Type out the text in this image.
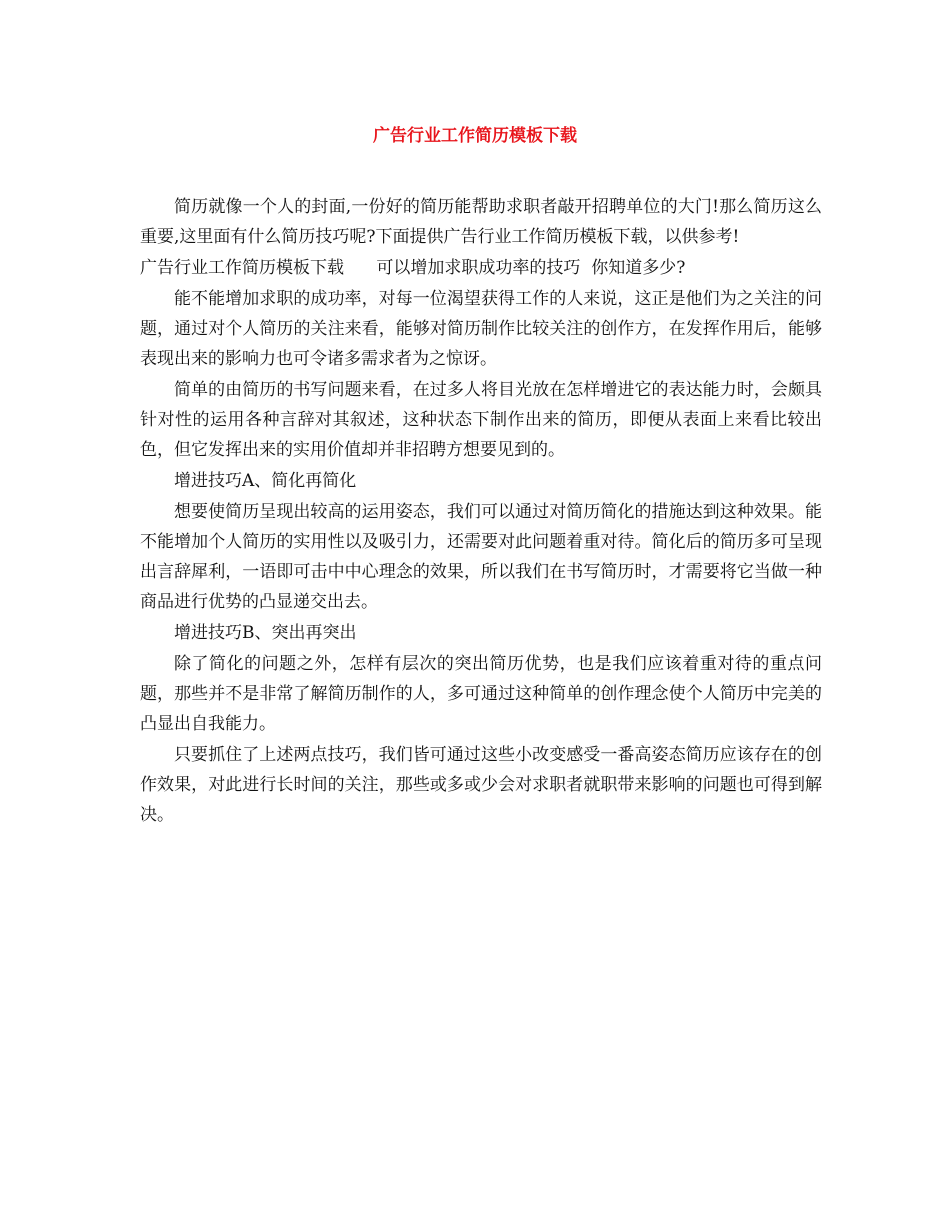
广告行业工作简历模板下载

简历就像一个人的封面,一份好的简历能帮助求职者敲开招聘单位的大门!那么简历这么重要,这里面有什么简历技巧呢?下面提供广告行业工作简历模板下载，以供参考!

广告行业工作简历模板下载      可以增加求职成功率的技巧  你知道多少?

能不能增加求职的成功率，对每一位渴望获得工作的人来说，这正是他们为之关注的问题，通过对个人简历的关注来看，能够对简历制作比较关注的创作方，在发挥作用后，能够表现出来的影响力也可令诸多需求者为之惊讶。

简单的由简历的书写问题来看，在过多人将目光放在怎样增进它的表达能力时，会颇具针对性的运用各种言辞对其叙述，这种状态下制作出来的简历，即便从表面上来看比较出色，但它发挥出来的实用价值却并非招聘方想要见到的。

增进技巧A、简化再简化

想要使简历呈现出较高的运用姿态，我们可以通过对简历简化的措施达到这种效果。能不能增加个人简历的实用性以及吸引力，还需要对此问题着重对待。简化后的简历多可呈现出言辞犀利，一语即可击中中心理念的效果，所以我们在书写简历时，才需要将它当做一种商品进行优势的凸显递交出去。

增进技巧B、突出再突出

除了简化的问题之外，怎样有层次的突出简历优势，也是我们应该着重对待的重点问题，那些并不是非常了解简历制作的人，多可通过这种简单的创作理念使个人简历中完美的凸显出自我能力。

只要抓住了上述两点技巧，我们皆可通过这些小改变感受一番高姿态简历应该存在的创作效果，对此进行长时间的关注，那些或多或少会对求职者就职带来影响的问题也可得到解决。
